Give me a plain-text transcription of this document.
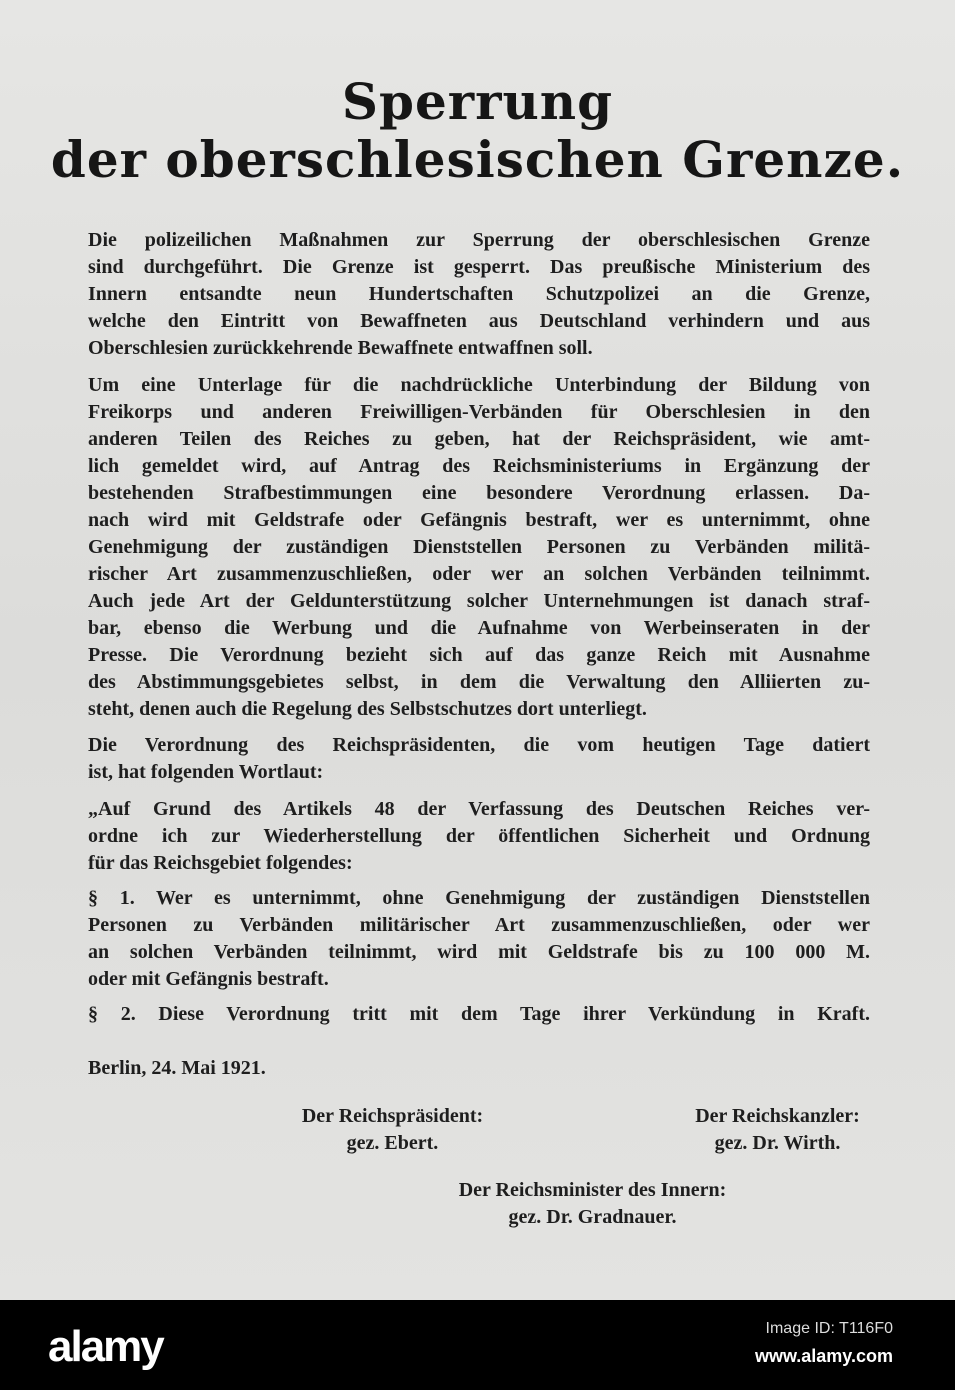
Sperrung
der oberschlesischen Grenze.
Die polizeilichen Maßnahmen zur Sperrung der oberschlesischen Grenze
sind durchgeführt. Die Grenze ist gesperrt. Das preußische Ministerium des
Innern entsandte neun Hundertschaften Schutzpolizei an die Grenze,
welche den Eintritt von Bewaffneten aus Deutschland verhindern und aus
Oberschlesien zurückkehrende Bewaffnete entwaffnen soll.
Um eine Unterlage für die nachdrückliche Unterbindung der Bildung von
Freikorps und anderen Freiwilligen-Verbänden für Oberschlesien in den
anderen Teilen des Reiches zu geben, hat der Reichspräsident, wie amt-
lich gemeldet wird, auf Antrag des Reichsministeriums in Ergänzung der
bestehenden Strafbestimmungen eine besondere Verordnung erlassen. Da-
nach wird mit Geldstrafe oder Gefängnis bestraft, wer es unternimmt, ohne
Genehmigung der zuständigen Dienststellen Personen zu Verbänden militä-
rischer Art zusammenzuschließen, oder wer an solchen Verbänden teilnimmt.
Auch jede Art der Geldunterstützung solcher Unternehmungen ist danach straf-
bar, ebenso die Werbung und die Aufnahme von Werbeinseraten in der
Presse. Die Verordnung bezieht sich auf das ganze Reich mit Ausnahme
des Abstimmungsgebietes selbst, in dem die Verwaltung den Alliierten zu-
steht, denen auch die Regelung des Selbstschutzes dort unterliegt.
Die Verordnung des Reichspräsidenten, die vom heutigen Tage datiert
ist, hat folgenden Wortlaut:
„Auf Grund des Artikels 48 der Verfassung des Deutschen Reiches ver-
ordne ich zur Wiederherstellung der öffentlichen Sicherheit und Ordnung
für das Reichsgebiet folgendes:
§ 1. Wer es unternimmt, ohne Genehmigung der zuständigen Dienststellen
Personen zu Verbänden militärischer Art zusammenzuschließen, oder wer
an solchen Verbänden teilnimmt, wird mit Geldstrafe bis zu 100 000 M.
oder mit Gefängnis bestraft.
§ 2. Diese Verordnung tritt mit dem Tage ihrer Verkündung in Kraft.
Berlin, 24. Mai 1921.
Der Reichspräsident:
gez. Ebert.
Der Reichskanzler:
gez. Dr. Wirth.
Der Reichsminister des Innern:
gez. Dr. Gradnauer.
alamy	Image ID: T116F0
www.alamy.com
